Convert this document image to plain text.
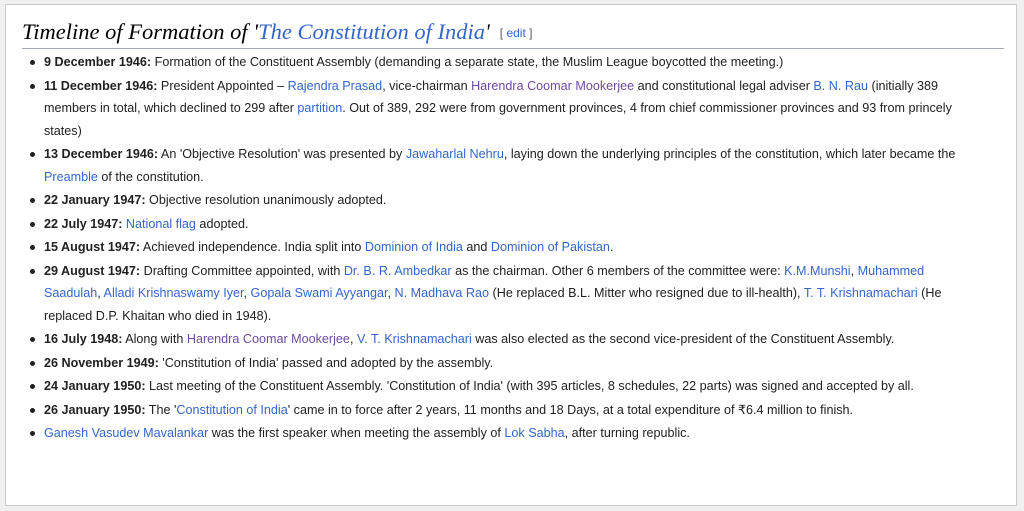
Timeline of Formation of 'The Constitution of India' [ edit ]
9 December 1946: Formation of the Constituent Assembly (demanding a separate state, the Muslim League boycotted the meeting.)
11 December 1946: President Appointed – Rajendra Prasad, vice-chairman Harendra Coomar Mookerjee and constitutional legal adviser B. N. Rau (initially 389 members in total, which declined to 299 after partition. Out of 389, 292 were from government provinces, 4 from chief commissioner provinces and 93 from princely states)
13 December 1946: An 'Objective Resolution' was presented by Jawaharlal Nehru, laying down the underlying principles of the constitution, which later became the Preamble of the constitution.
22 January 1947: Objective resolution unanimously adopted.
22 July 1947: National flag adopted.
15 August 1947: Achieved independence. India split into Dominion of India and Dominion of Pakistan.
29 August 1947: Drafting Committee appointed, with Dr. B. R. Ambedkar as the chairman. Other 6 members of the committee were: K.M.Munshi, Muhammed Saadulah, Alladi Krishnaswamy Iyer, Gopala Swami Ayyangar, N. Madhava Rao (He replaced B.L. Mitter who resigned due to ill-health), T. T. Krishnamachari (He replaced D.P. Khaitan who died in 1948).
16 July 1948: Along with Harendra Coomar Mookerjee, V. T. Krishnamachari was also elected as the second vice-president of the Constituent Assembly.
26 November 1949: 'Constitution of India' passed and adopted by the assembly.
24 January 1950: Last meeting of the Constituent Assembly. 'Constitution of India' (with 395 articles, 8 schedules, 22 parts) was signed and accepted by all.
26 January 1950: The 'Constitution of India' came in to force after 2 years, 11 months and 18 Days, at a total expenditure of ₹6.4 million to finish.
Ganesh Vasudev Mavalankar was the first speaker when meeting the assembly of Lok Sabha, after turning republic.
